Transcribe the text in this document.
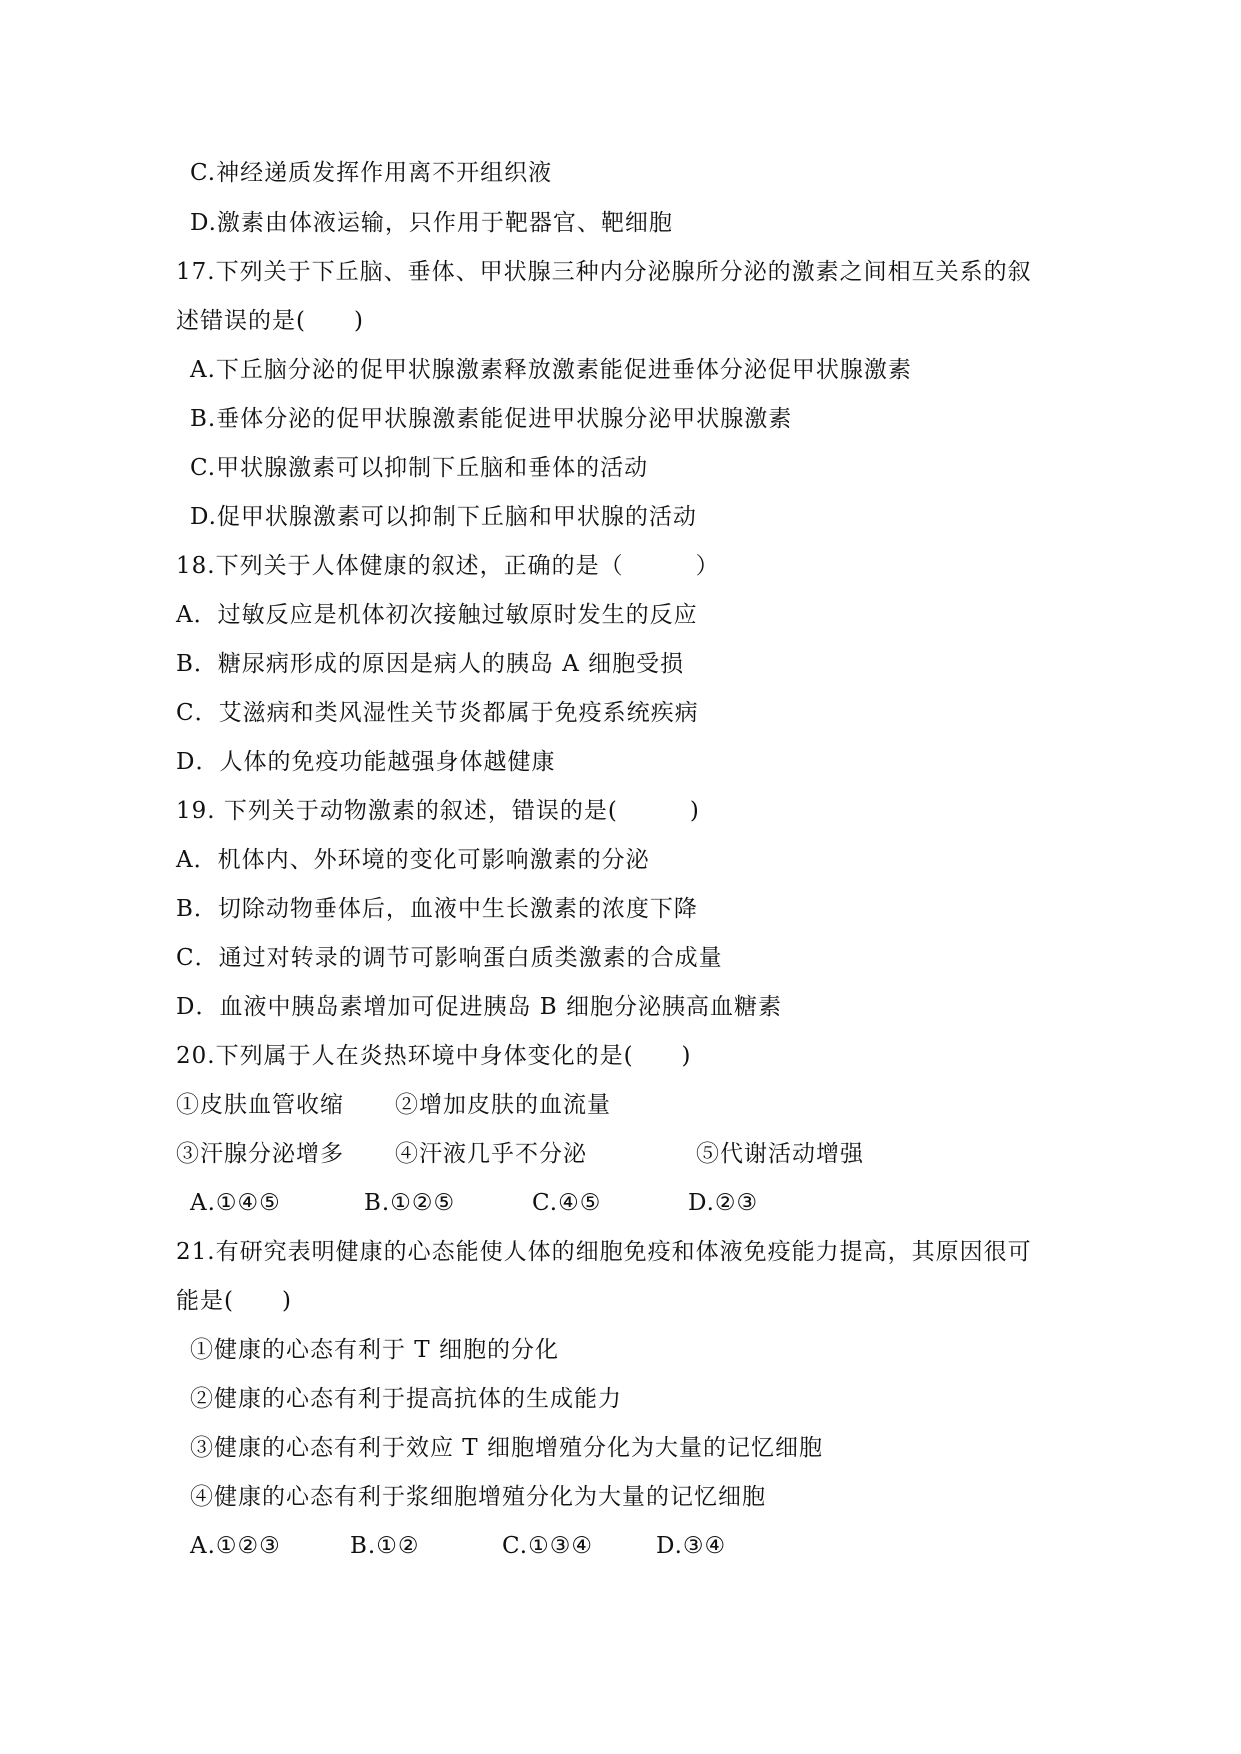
C.神经递质发挥作用离不开组织液
D.激素由体液运输，只作用于靶器官、靶细胞
17.下列关于下丘脑、垂体、甲状腺三种内分泌腺所分泌的激素之间相互关系的叙
述错误的是(　　)
A.下丘脑分泌的促甲状腺激素释放激素能促进垂体分泌促甲状腺激素
B.垂体分泌的促甲状腺激素能促进甲状腺分泌甲状腺激素
C.甲状腺激素可以抑制下丘脑和垂体的活动
D.促甲状腺激素可以抑制下丘脑和甲状腺的活动
18.下列关于人体健康的叙述，正确的是（　　　）
A．过敏反应是机体初次接触过敏原时发生的反应
B．糖尿病形成的原因是病人的胰岛 A 细胞受损
C．艾滋病和类风湿性关节炎都属于免疫系统疾病
D．人体的免疫功能越强身体越健康
19. 下列关于动物激素的叙述，错误的是(　　　)
A．机体内、外环境的变化可影响激素的分泌
B．切除动物垂体后，血液中生长激素的浓度下降
C．通过对转录的调节可影响蛋白质类激素的合成量
D．血液中胰岛素增加可促进胰岛 B 细胞分泌胰高血糖素
20.下列属于人在炎热环境中身体变化的是(　　)
①皮肤血管收缩 ②增加皮肤的血流量
③汗腺分泌增多 ④汗液几乎不分泌	⑤代谢活动增强
A.①④⑤	B.①②⑤	C.④⑤	D.②③
21.有研究表明健康的心态能使人体的细胞免疫和体液免疫能力提高，其原因很可
能是(　　)
①健康的心态有利于 T 细胞的分化
②健康的心态有利于提高抗体的生成能力
③健康的心态有利于效应 T 细胞增殖分化为大量的记忆细胞
④健康的心态有利于浆细胞增殖分化为大量的记忆细胞
A.①②③	B.①②	C.①③④	D.③④
